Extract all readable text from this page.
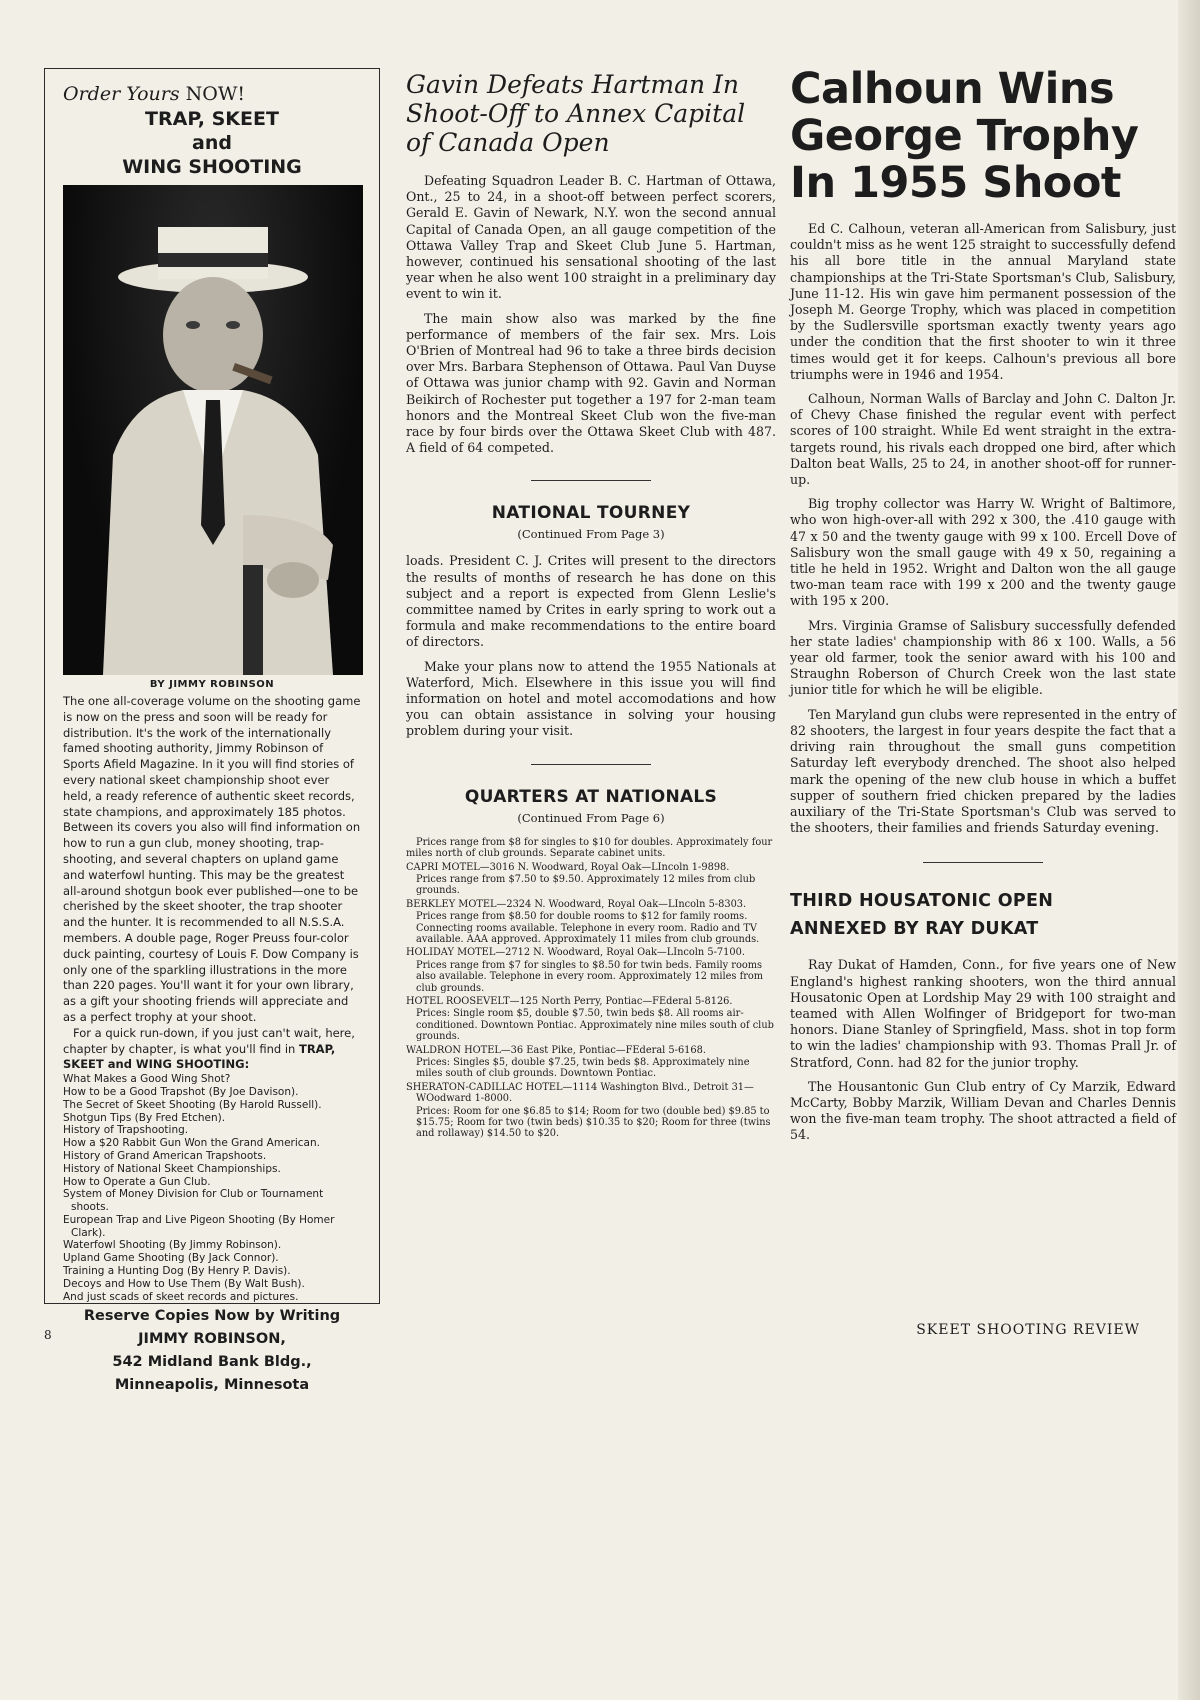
Order Yours NOW!

TRAP, SKEET

and

WING SHOOTING

BY JIMMY ROBINSON

The one all-coverage volume on the shooting game is now on the press and soon will be ready for distribution. It's the work of the internationally famed shooting authority, Jimmy Robinson of Sports Afield Magazine. In it you will find stories of every national skeet championship shoot ever held, a ready reference of authentic skeet records, state champions, and approximately 185 photos. Between its covers you also will find information on how to run a gun club, money shooting, trap-shooting, and several chapters on upland game and waterfowl hunting. This may be the greatest all-around shotgun book ever published—one to be cherished by the skeet shooter, the trap shooter and the hunter. It is recommended to all N.S.S.A. members. A double page, Roger Preuss four-color duck painting, courtesy of Louis F. Dow Company is only one of the sparkling illustrations in the more than 220 pages. You'll want it for your own library, as a gift your shooting friends will appreciate and as a perfect trophy at your shoot.

For a quick run-down, if you just can't wait, here, chapter by chapter, is what you'll find in TRAP, SKEET and WING SHOOTING:

What Makes a Good Wing Shot?
How to be a Good Trapshot (By Joe Davison).
The Secret of Skeet Shooting (By Harold Russell).
Shotgun Tips (By Fred Etchen).
History of Trapshooting.
How a $20 Rabbit Gun Won the Grand American.
History of Grand American Trapshoots.
History of National Skeet Championships.
How to Operate a Gun Club.
System of Money Division for Club or Tournament shoots.
European Trap and Live Pigeon Shooting (By Homer Clark).
Waterfowl Shooting (By Jimmy Robinson).
Upland Game Shooting (By Jack Connor).
Training a Hunting Dog (By Henry P. Davis).
Decoys and How to Use Them (By Walt Bush).
And just scads of skeet records and pictures.

Reserve Copies Now by Writing

JIMMY ROBINSON,

542 Midland Bank Bldg.,

Minneapolis, Minnesota

8
Gavin Defeats Hartman In Shoot-Off to Annex Capital of Canada Open

Defeating Squadron Leader B. C. Hartman of Ottawa, Ont., 25 to 24, in a shoot-off between perfect scorers, Gerald E. Gavin of Newark, N.Y. won the second annual Capital of Canada Open, an all gauge competition of the Ottawa Valley Trap and Skeet Club June 5. Hartman, however, continued his sensational shooting of the last year when he also went 100 straight in a preliminary day event to win it.

The main show also was marked by the fine performance of members of the fair sex. Mrs. Lois O'Brien of Montreal had 96 to take a three birds decision over Mrs. Barbara Stephenson of Ottawa. Paul Van Duyse of Ottawa was junior champ with 92. Gavin and Norman Beikirch of Rochester put together a 197 for 2-man team honors and the Montreal Skeet Club won the five-man race by four birds over the Ottawa Skeet Club with 487. A field of 64 competed.

NATIONAL TOURNEY

(Continued From Page 3)

loads. President C. J. Crites will present to the directors the results of months of research he has done on this subject and a report is expected from Glenn Leslie's committee named by Crites in early spring to work out a formula and make recommendations to the entire board of directors.

Make your plans now to attend the 1955 Nationals at Waterford, Mich. Elsewhere in this issue you will find information on hotel and motel accomodations and how you can obtain assistance in solving your housing problem during your visit.

QUARTERS AT NATIONALS

(Continued From Page 6)

Prices range from $8 for singles to $10 for doubles. Approximately four miles north of club grounds. Separate cabinet units.

CAPRI MOTEL—3016 N. Woodward, Royal Oak—LIncoln 1-9898.

Prices range from $7.50 to $9.50. Approximately 12 miles from club grounds.

BERKLEY MOTEL—2324 N. Woodward, Royal Oak—LIncoln 5-8303.

Prices range from $8.50 for double rooms to $12 for family rooms. Connecting rooms available. Telephone in every room. Radio and TV available. AAA approved. Approximately 11 miles from club grounds.

HOLIDAY MOTEL—2712 N. Woodward, Royal Oak—LIncoln 5-7100.

Prices range from $7 for singles to $8.50 for twin beds. Family rooms also available. Telephone in every room. Approximately 12 miles from club grounds.

HOTEL ROOSEVELT—125 North Perry, Pontiac—FEderal 5-8126.

Prices: Single room $5, double $7.50, twin beds $8. All rooms air-conditioned. Downtown Pontiac. Approximately nine miles south of club grounds.

WALDRON HOTEL—36 East Pike, Pontiac—FEderal 5-6168.

Prices: Singles $5, double $7.25, twin beds $8. Approximately nine miles south of club grounds. Downtown Pontiac.

SHERATON-CADILLAC HOTEL—1114 Washington Blvd., Detroit 31—WOodward 1-8000.

Prices: Room for one $6.85 to $14; Room for two (double bed) $9.85 to $15.75; Room for two (twin beds) $10.35 to $20; Room for three (twins and rollaway) $14.50 to $20.

Calhoun Wins
George Trophy
In 1955 Shoot

Ed C. Calhoun, veteran all-American from Salisbury, just couldn't miss as he went 125 straight to successfully defend his all bore title in the annual Maryland state championships at the Tri-State Sportsman's Club, Salisbury, June 11-12. His win gave him permanent possession of the Joseph M. George Trophy, which was placed in competition by the Sudlersville sportsman exactly twenty years ago under the condition that the first shooter to win it three times would get it for keeps. Calhoun's previous all bore triumphs were in 1946 and 1954.

Calhoun, Norman Walls of Barclay and John C. Dalton Jr. of Chevy Chase finished the regular event with perfect scores of 100 straight. While Ed went straight in the extra-targets round, his rivals each dropped one bird, after which Dalton beat Walls, 25 to 24, in another shoot-off for runner-up.

Big trophy collector was Harry W. Wright of Baltimore, who won high-over-all with 292 x 300, the .410 gauge with 47 x 50 and the twenty gauge with 99 x 100. Ercell Dove of Salisbury won the small gauge with 49 x 50, regaining a title he held in 1952. Wright and Dalton won the all gauge two-man team race with 199 x 200 and the twenty gauge with 195 x 200.

Mrs. Virginia Gramse of Salisbury successfully defended her state ladies' championship with 86 x 100. Walls, a 56 year old farmer, took the senior award with his 100 and Straughn Roberson of Church Creek won the last state junior title for which he will be eligible.

Ten Maryland gun clubs were represented in the entry of 82 shooters, the largest in four years despite the fact that a driving rain throughout the small guns competition Saturday left everybody drenched. The shoot also helped mark the opening of the new club house in which a buffet supper of southern fried chicken prepared by the ladies auxiliary of the Tri-State Sportsman's Club was served to the shooters, their families and friends Saturday evening.

THIRD HOUSATONIC OPEN
ANNEXED BY RAY DUKAT

Ray Dukat of Hamden, Conn., for five years one of New England's highest ranking shooters, won the third annual Housatonic Open at Lordship May 29 with 100 straight and teamed with Allen Wolfinger of Bridgeport for two-man honors. Diane Stanley of Springfield, Mass. shot in top form to win the ladies' championship with 93. Thomas Prall Jr. of Stratford, Conn. had 82 for the junior trophy.

The Housantonic Gun Club entry of Cy Marzik, Edward McCarty, Bobby Marzik, William Devan and Charles Dennis won the five-man team trophy. The shoot attracted a field of 54.

SKEET SHOOTING REVIEW
